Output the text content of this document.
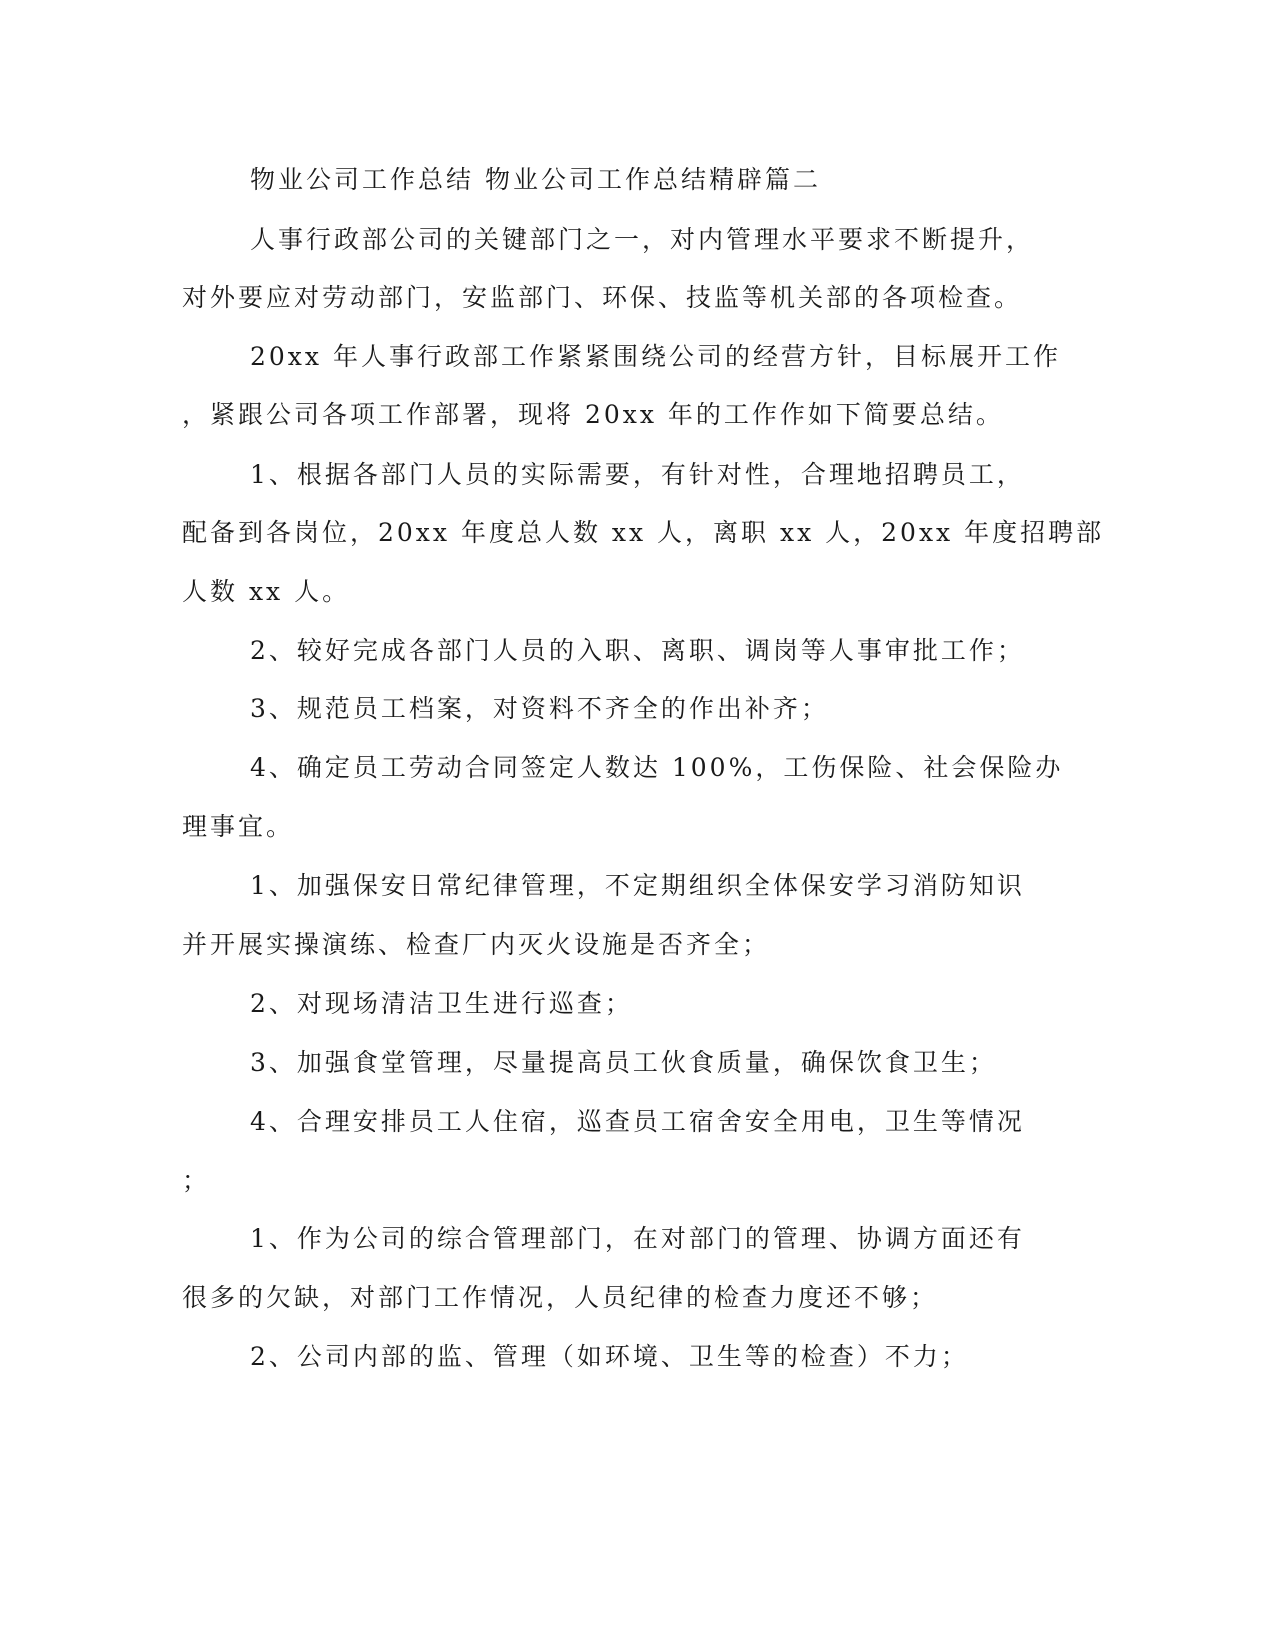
物业公司工作总结 物业公司工作总结精辟篇二
人事行政部公司的关键部门之一，对内管理水平要求不断提升，
对外要应对劳动部门，安监部门、环保、技监等机关部的各项检查。
20xx 年人事行政部工作紧紧围绕公司的经营方针，目标展开工作
，紧跟公司各项工作部署，现将 20xx 年的工作作如下简要总结。
1、根据各部门人员的实际需要，有针对性，合理地招聘员工，
配备到各岗位，20xx 年度总人数 xx 人，离职 xx 人，20xx 年度招聘部
人数 xx 人。
2、较好完成各部门人员的入职、离职、调岗等人事审批工作；
3、规范员工档案，对资料不齐全的作出补齐；
4、确定员工劳动合同签定人数达 100%，工伤保险、社会保险办
理事宜。
1、加强保安日常纪律管理，不定期组织全体保安学习消防知识
并开展实操演练、检查厂内灭火设施是否齐全；
2、对现场清洁卫生进行巡查；
3、加强食堂管理，尽量提高员工伙食质量，确保饮食卫生；
4、合理安排员工人住宿，巡查员工宿舍安全用电，卫生等情况
；
1、作为公司的综合管理部门，在对部门的管理、协调方面还有
很多的欠缺，对部门工作情况，人员纪律的检查力度还不够；
2、公司内部的监、管理（如环境、卫生等的检查）不力；
